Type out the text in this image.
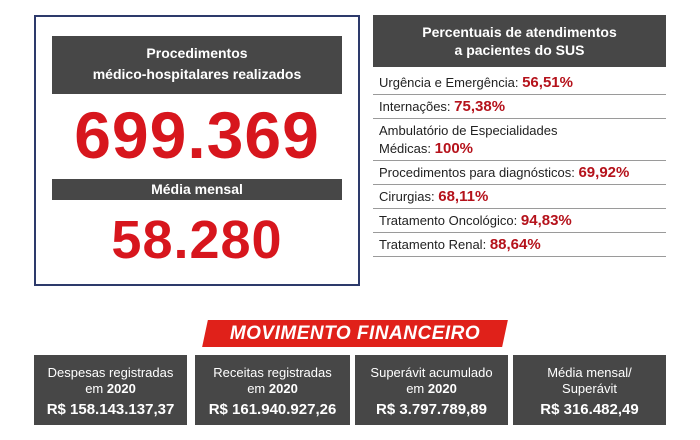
Procedimentos
médico-hospitalares realizados
699.369
Média mensal
58.280
Percentuais de atendimentos
a pacientes do SUS
Urgência e Emergência: 56,51%
Internações: 75,38%
Ambulatório de Especialidades
Médicas: 100%
Procedimentos para diagnósticos: 69,92%
Cirurgias: 68,11%
Tratamento Oncológico: 94,83%
Tratamento Renal: 88,64%
MOVIMENTO FINANCEIRO
Despesas registradas
em 2020
R$ 158.143.137,37
Receitas registradas
em 2020
R$ 161.940.927,26
Superávit acumulado
em 2020
R$ 3.797.789,89
Média mensal/
Superávit
R$ 316.482,49
